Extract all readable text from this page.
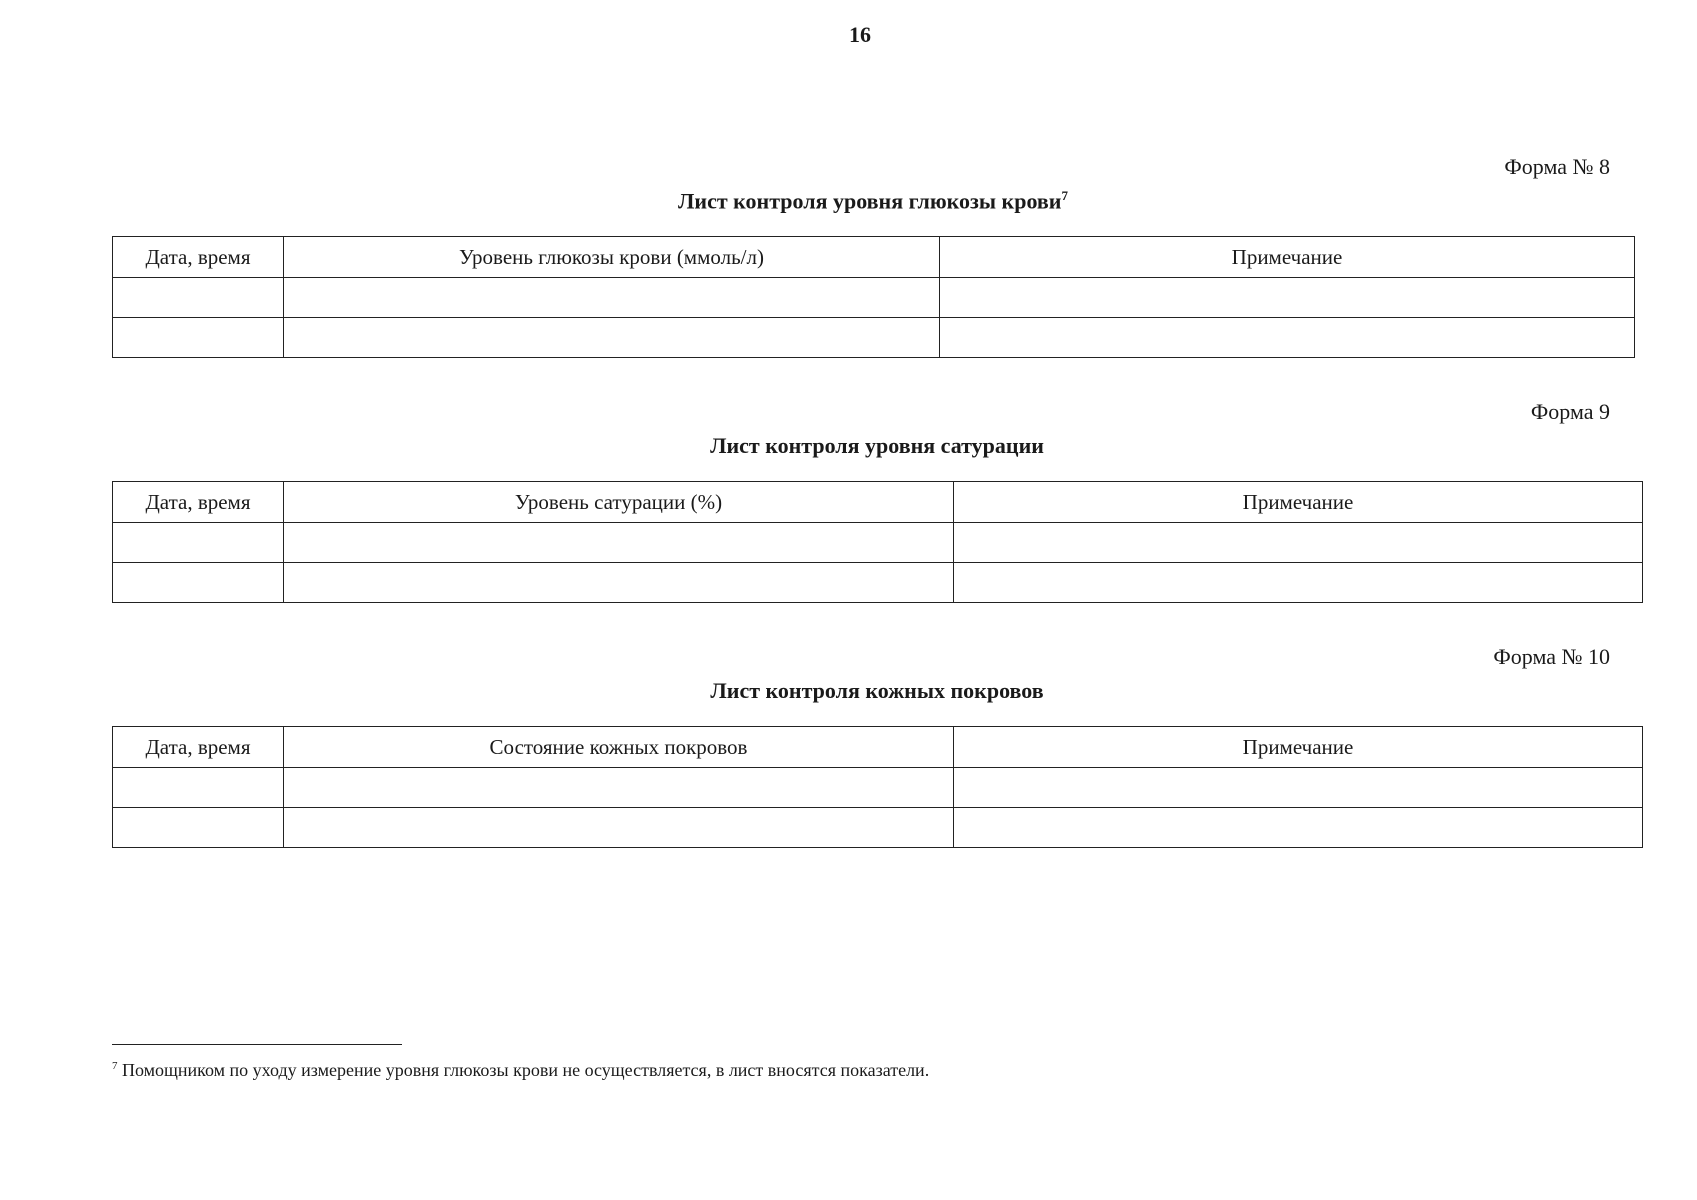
16
Форма № 8
Лист контроля уровня глюкозы крови$^7$
Дата, время	Уровень глюкозы крови (ммоль/л)	Примечание

Форма 9
Лист контроля уровня сатурации
Дата, время	Уровень сатурации (%)	Примечание

Форма № 10
Лист контроля кожных покровов
Дата, время	Состояние кожных покровов	Примечание

$^7$ Помощником по уходу измерение уровня глюкозы крови не осуществляется, в лист вносятся показатели.
